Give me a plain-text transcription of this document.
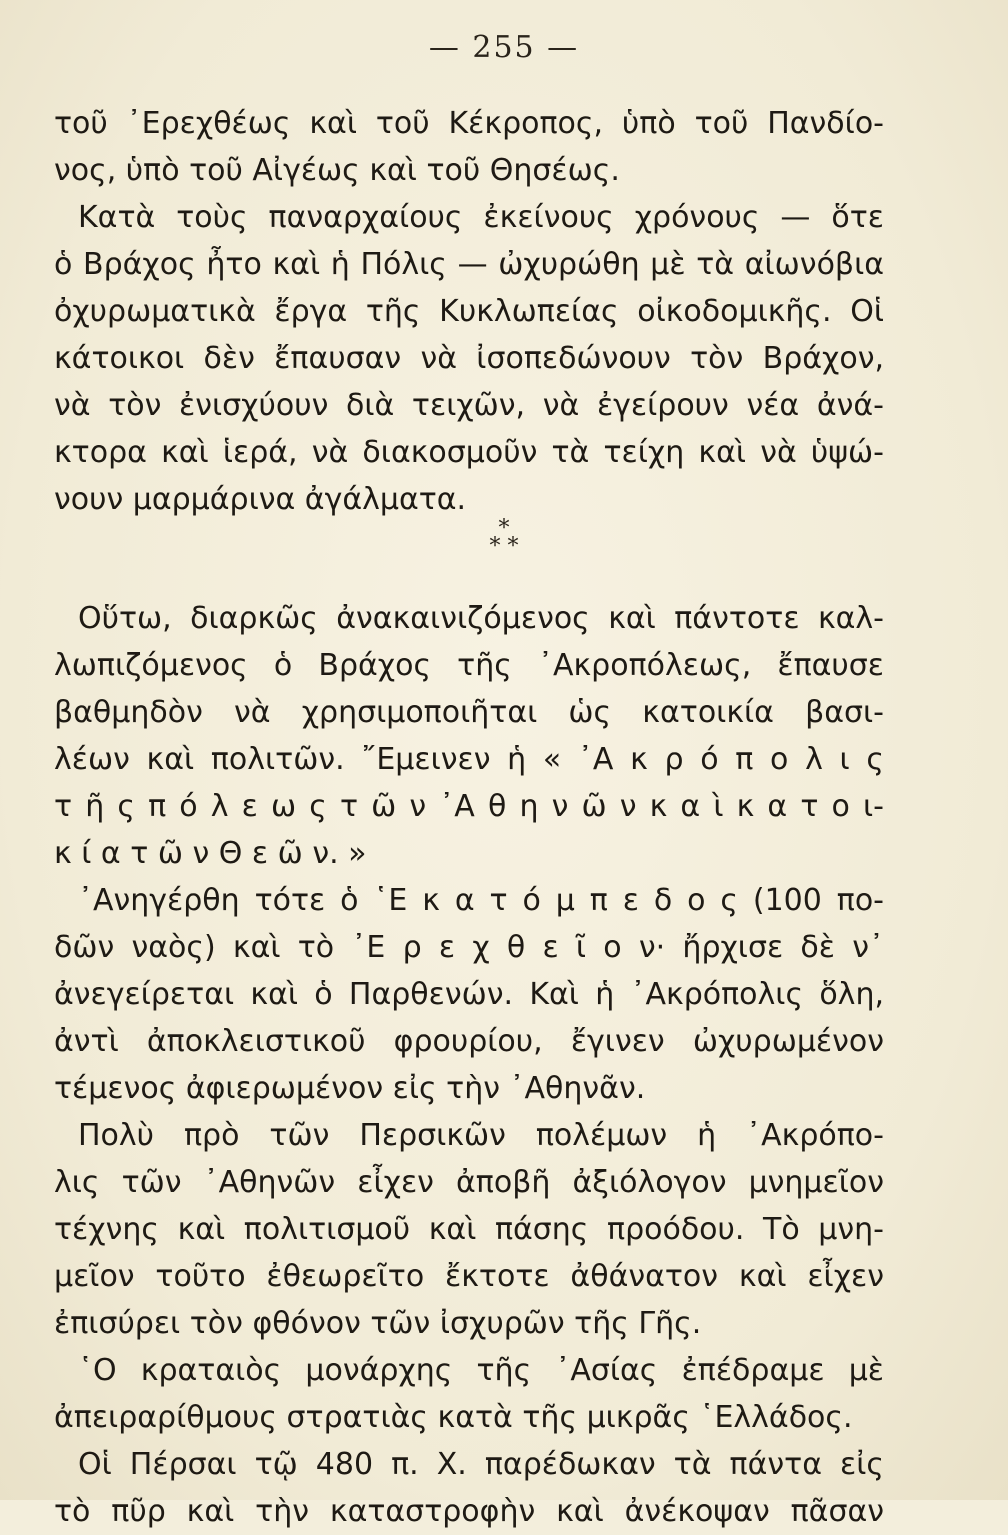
— 255 —
τοῦ ᾿Ερεχθέως καὶ τοῦ Κέκροπος, ὑπὸ τοῦ Πανδίο-
νος, ὑπὸ τοῦ Αἰγέως καὶ τοῦ Θησέως.
Κατὰ τοὺς παναρχαίους ἐκείνους χρόνους — ὅτε
ὁ Βράχος ἦτο καὶ ἡ Πόλις — ὠχυρώθη μὲ τὰ αἰωνόβια
ὀχυρωματικὰ ἔργα τῆς Κυκλωπείας οἰκοδομικῆς. Οἱ
κάτοικοι δὲν ἔπαυσαν νὰ ἰσοπεδώνουν τὸν Βράχον,
νὰ τὸν ἐνισχύουν διὰ τειχῶν, νὰ ἐγείρουν νέα ἀνά-
κτορα καὶ ἱερά, νὰ διακοσμοῦν τὰ τείχη καὶ νὰ ὑψώ-
νουν μαρμάρινα ἀγάλματα.
*
* *
Οὕτω, διαρκῶς ἀνακαινιζόμενος καὶ πάντοτε καλ-
λωπιζόμενος ὁ Βράχος τῆς ᾿Ακροπόλεως, ἔπαυσε
βαθμηδὸν νὰ χρησιμοποιῆται ὡς κατοικία βασι-
λέων καὶ πολιτῶν. ῎Εμεινεν ἡ « ᾿Α κ ρ ό π ο λ ι ς
τ ῆ ς π ό λ ε ω ς τ ῶ ν ᾿Α θ η ν ῶ ν κ α ὶ κ α τ ο ι-
κ ί α τ ῶ ν Θ ε ῶ ν. »
᾿Ανηγέρθη τότε ὁ ῾Ε κ α τ ό μ π ε δ ο ς (100 πο-
δῶν ναὸς) καὶ τὸ ᾿Ε ρ ε χ θ ε ῖ ο ν· ἤρχισε δὲ ν᾿
ἀνεγείρεται καὶ ὁ Παρθενών. Καὶ ἡ ᾿Ακρόπολις ὅλη,
ἀντὶ ἀποκλειστικοῦ φρουρίου, ἔγινεν ὠχυρωμένον
τέμενος ἀφιερωμένον εἰς τὴν ᾿Αθηνᾶν.
Πολὺ πρὸ τῶν Περσικῶν πολέμων ἡ ᾿Ακρόπο-
λις τῶν ᾿Αθηνῶν εἶχεν ἀποβῆ ἀξιόλογον μνημεῖον
τέχνης καὶ πολιτισμοῦ καὶ πάσης προόδου. Τὸ μνη-
μεῖον τοῦτο ἐθεωρεῖτο ἔκτοτε ἀθάνατον καὶ εἶχεν
ἐπισύρει τὸν φθόνον τῶν ἰσχυρῶν τῆς Γῆς.
῾Ο κραταιὸς μονάρχης τῆς ᾿Ασίας ἐπέδραμε μὲ
ἀπειραρίθμους στρατιὰς κατὰ τῆς μικρᾶς ῾Ελλάδος.
Οἱ Πέρσαι τῷ 480 π. Χ. παρέδωκαν τὰ πάντα εἰς
τὸ πῦρ καὶ τὴν καταστροφὴν καὶ ἀνέκοψαν πᾶσαν
